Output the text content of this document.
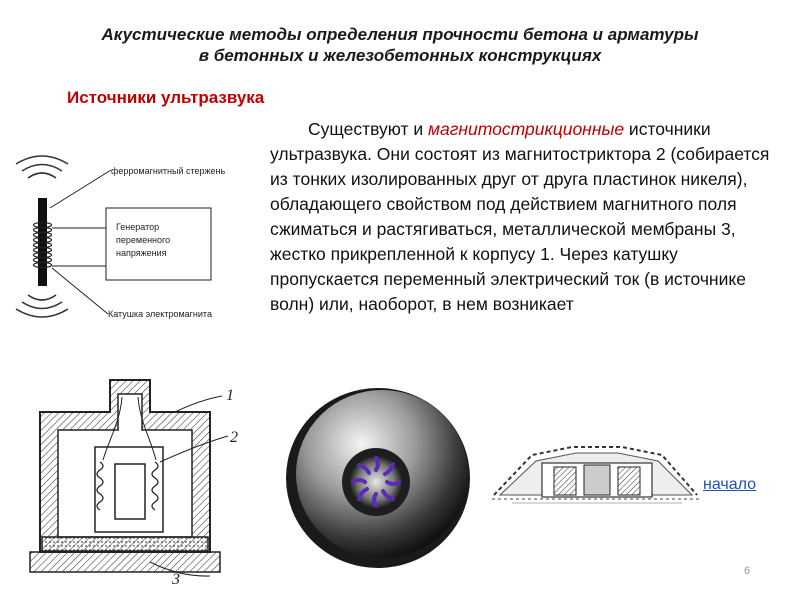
Акустические методы определения прочности бетона и арматуры
в бетонных и железобетонных конструкциях
Источники ультразвука
Существуют и магнитострикционные источники ультразвука. Они состоят из магнитостриктора 2 (собирается из тонких изолированных друг от друга пластинок никеля), обладающего свойством под действием магнитного поля сжиматься и растягиваться, металлической мембраны 3, жестко прикрепленной к корпусу 1. Через катушку пропускается переменный электрический ток (в источнике волн) или, наоборот, в нем возникает
Генератор
переменного
напряжения
ферромагнитный стержень
Катушка электромагнита
1
2
3
начало
6
